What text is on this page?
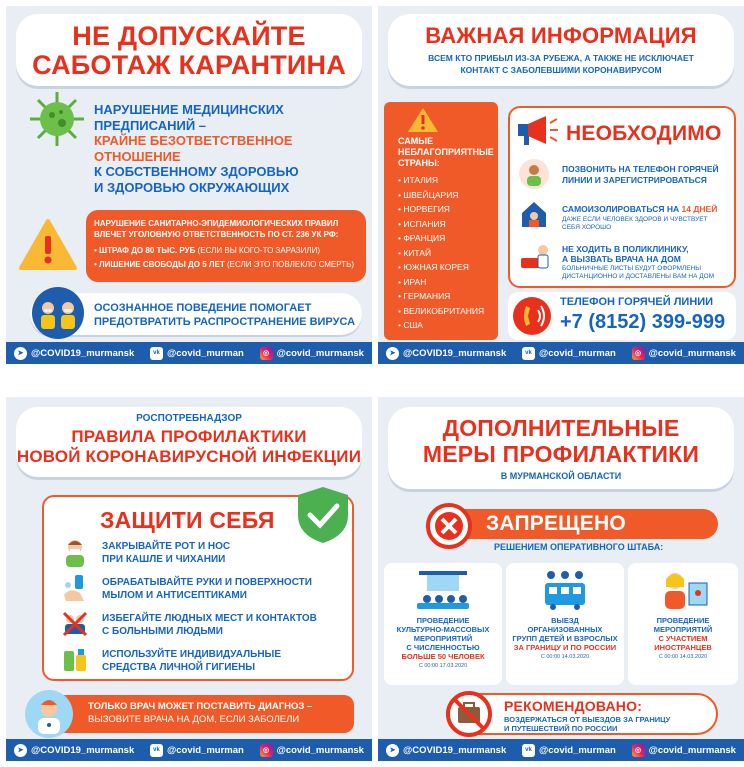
НЕ ДОПУСКАЙТЕ
САБОТАЖ КАРАНТИНА
НАРУШЕНИЕ МЕДИЦИНСКИХ
ПРЕДПИСАНИЙ –
КРАЙНЕ БЕЗОТВЕТСТВЕННОЕ
ОТНОШЕНИЕ
К СОБСТВЕННОМУ ЗДОРОВЬЮ
И ЗДОРОВЬЮ ОКРУЖАЮЩИХ
НАРУШЕНИЕ САНИТАРНО-ЭПИДЕМИОЛОГИЧЕСКИХ ПРАВИЛ
ВЛЕЧЕТ УГОЛОВНУЮ ОТВЕТСТВЕННОСТЬ ПО СТ. 236 УК РФ:
• ШТРАФ ДО 80 ТЫС. РУБ (ЕСЛИ ВЫ КОГО-ТО ЗАРАЗИЛИ)
• ЛИШЕНИЕ СВОБОДЫ ДО 5 ЛЕТ (ЕСЛИ ЭТО ПОВЛЕКЛО СМЕРТЬ)
ОСОЗНАННОЕ ПОВЕДЕНИЕ ПОМОГАЕТ
ПРЕДОТВРАТИТЬ РАСПРОСТРАНЕНИЕ ВИРУСА
➤ @COVID19_murmansk	vk @covid_murman	◎ @covid_murmansk
ВАЖНАЯ ИНФОРМАЦИЯ
ВСЕМ КТО ПРИБЫЛ ИЗ-ЗА РУБЕЖА, А ТАКЖЕ НЕ ИСКЛЮЧАЕТ
КОНТАКТ С ЗАБОЛЕВШИМИ КОРОНАВИРУСОМ
САМЫЕ
НЕБЛАГОПРИЯТНЫЕ
СТРАНЫ:
• ИТАЛИЯ
• ШВЕЙЦАРИЯ
• НОРВЕГИЯ
• ИСПАНИЯ
• ФРАНЦИЯ
• КИТАЙ
• ЮЖНАЯ КОРЕЯ
• ИРАН
• ГЕРМАНИЯ
• ВЕЛИКОБРИТАНИЯ
• США
НЕОБХОДИМО
ПОЗВОНИТЬ НА ТЕЛЕФОН ГОРЯЧЕЙ
ЛИНИИ И ЗАРЕГИСТРИРОВАТЬСЯ
САМОИЗОЛИРОВАТЬСЯ НА 14 ДНЕЙ
ДАЖЕ ЕСЛИ ЧЕЛОВЕК ЗДОРОВ И ЧУВСТВУЕТ
СЕБЯ ХОРОШО
НЕ ХОДИТЬ В ПОЛИКЛИНИКУ,
А ВЫЗВАТЬ ВРАЧА НА ДОМ
БОЛЬНИЧНЫЕ ЛИСТЫ БУДУТ ОФОРМЛЕНЫ
ДИСТАНЦИОННО И ДОСТАВЛЕНЫ ВАМ НА ДОМ
ТЕЛЕФОН ГОРЯЧЕЙ ЛИНИИ
+7 (8152) 399-999
➤ @COVID19_murmansk	vk @covid_murman	◎ @covid_murmansk
РОСПОТРЕБНАДЗОР
ПРАВИЛА ПРОФИЛАКТИКИ
НОВОЙ КОРОНАВИРУСНОЙ ИНФЕКЦИИ
ЗАЩИТИ СЕБЯ
ЗАКРЫВАЙТЕ РОТ И НОС
ПРИ КАШЛЕ И ЧИХАНИИ
ОБРАБАТЫВАЙТЕ РУКИ И ПОВЕРХНОСТИ
МЫЛОМ И АНТИСЕПТИКАМИ
ИЗБЕГАЙТЕ ЛЮДНЫХ МЕСТ И КОНТАКТОВ
С БОЛЬНЫМИ ЛЮДЬМИ
ИСПОЛЬЗУЙТЕ ИНДИВИДУАЛЬНЫЕ
СРЕДСТВА ЛИЧНОЙ ГИГИЕНЫ
ТОЛЬКО ВРАЧ МОЖЕТ ПОСТАВИТЬ ДИАГНОЗ –
ВЫЗОВИТЕ ВРАЧА НА ДОМ, ЕСЛИ ЗАБОЛЕЛИ
➤ @COVID19_murmansk	vk @covid_murman	◎ @covid_murmansk
ДОПОЛНИТЕЛЬНЫЕ
МЕРЫ ПРОФИЛАКТИКИ
В МУРМАНСКОЙ ОБЛАСТИ
ЗАПРЕЩЕНО
РЕШЕНИЕМ ОПЕРАТИВНОГО ШТАБА:
ПРОВЕДЕНИЕ
КУЛЬТУРНО-МАССОВЫХ
МЕРОПРИЯТИЙ
С ЧИСЛЕННОСТЬЮ
БОЛЬШЕ 50 ЧЕЛОВЕК
С 00:00 17.03.2020
ВЫЕЗД
ОРГАНИЗОВАННЫХ
ГРУПП ДЕТЕЙ И ВЗРОСЛЫХ
ЗА ГРАНИЦУ И ПО РОССИИ
С 00:00 14.03.2020
ПРОВЕДЕНИЕ
МЕРОПРИЯТИЙ
С УЧАСТИЕМ
ИНОСТРАНЦЕВ
С 00:00 14.03.2020
РЕКОМЕНДОВАНО:
ВОЗДЕРЖАТЬСЯ ОТ ВЫЕЗДОВ ЗА ГРАНИЦУ
И ПУТЕШЕСТВИЙ ПО РОССИИ
➤ @COVID19_murmansk	vk @covid_murman	◎ @covid_murmansk
